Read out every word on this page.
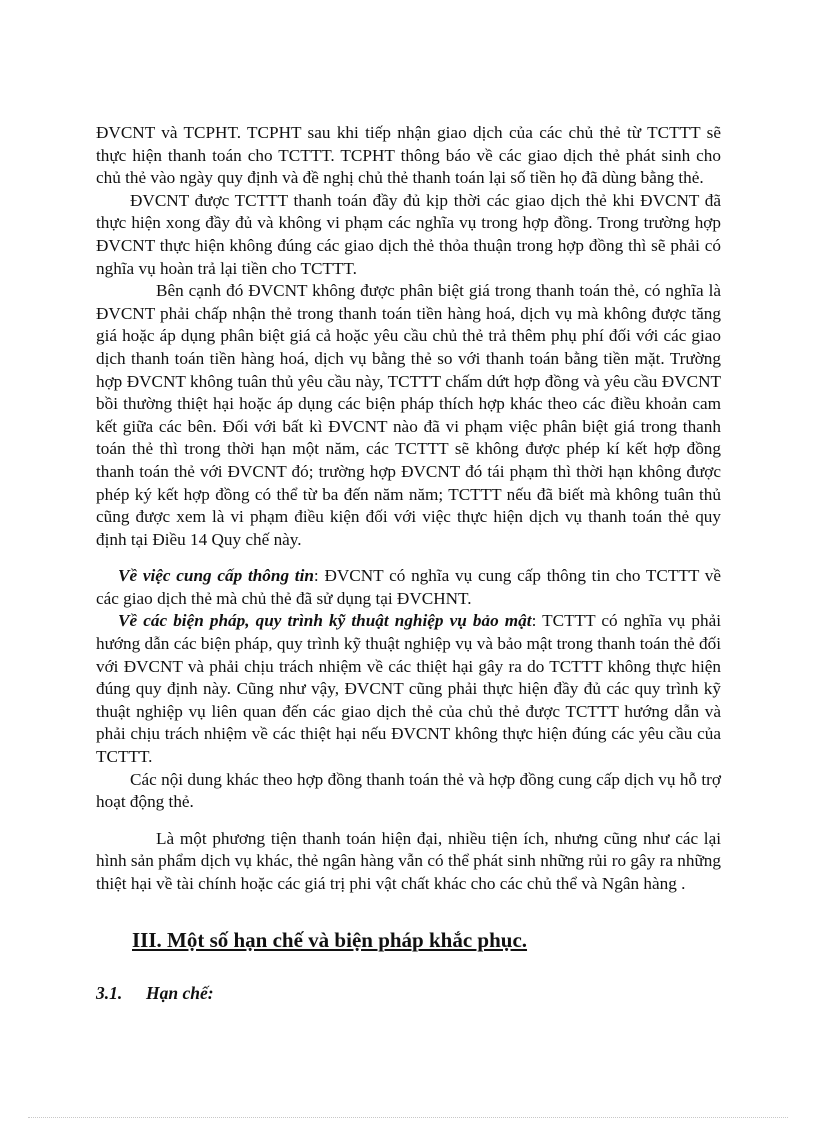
ĐVCNT và TCPHT. TCPHT sau khi tiếp nhận giao dịch của các chủ thẻ từ TCTTT sẽ thực hiện thanh toán cho TCTTT. TCPHT thông báo về các giao dịch thẻ phát sinh cho chủ thẻ vào ngày quy định và đề nghị chủ thẻ thanh toán lại số tiền họ đã dùng bằng thẻ.

ĐVCNT được TCTTT thanh toán đầy đủ kịp thời các giao dịch thẻ khi ĐVCNT đã thực hiện xong đầy đủ và không vi phạm các nghĩa vụ trong hợp đồng. Trong trường hợp ĐVCNT thực hiện không đúng các giao dịch thẻ thỏa thuận trong hợp đồng thì sẽ phải có nghĩa vụ hoàn trả lại tiền cho TCTTT.

Bên cạnh đó ĐVCNT không được phân biệt giá trong thanh toán thẻ, có nghĩa là ĐVCNT phải chấp nhận thẻ trong thanh toán tiền hàng hoá, dịch vụ mà không được tăng giá hoặc áp dụng phân biệt giá cả hoặc yêu cầu chủ thẻ trả thêm phụ phí đối với các giao dịch thanh toán tiền hàng hoá, dịch vụ bằng thẻ so với thanh toán bằng tiền mặt. Trường hợp ĐVCNT không tuân thủ yêu cầu này, TCTTT chấm dứt hợp đồng và yêu cầu ĐVCNT bồi thường thiệt hại hoặc áp dụng các biện pháp thích hợp khác theo các điều khoản cam kết giữa các bên. Đối với bất kì ĐVCNT nào đã vi phạm việc phân biệt giá trong thanh toán thẻ thì trong thời hạn một năm, các TCTTT sẽ không được phép kí kết hợp đồng thanh toán thẻ với ĐVCNT đó; trường hợp ĐVCNT đó tái phạm thì thời hạn không được phép ký kết hợp đồng có thể từ ba đến năm năm; TCTTT nếu đã biết mà không tuân thủ cũng được xem là vi phạm điều kiện đối với việc thực hiện dịch vụ thanh toán thẻ quy định tại Điều 14 Quy chế này.

Về việc cung cấp thông tin: ĐVCNT có nghĩa vụ cung cấp thông tin cho TCTTT về các giao dịch thẻ mà chủ thẻ đã sử dụng tại ĐVCHNT.

Về các biện pháp, quy trình kỹ thuật nghiệp vụ bảo mật: TCTTT có nghĩa vụ phải hướng dẫn các biện pháp, quy trình kỹ thuật nghiệp vụ và bảo mật trong thanh toán thẻ đối với ĐVCNT và phải chịu trách nhiệm về các thiệt hại gây ra do TCTTT không thực hiện đúng quy định này. Cũng như vậy, ĐVCNT cũng phải thực hiện đầy đủ các quy trình kỹ thuật nghiệp vụ liên quan đến các giao dịch thẻ của chủ thẻ được TCTTT hướng dẫn và phải chịu trách nhiệm về các thiệt hại nếu ĐVCNT không thực hiện đúng các yêu cầu của TCTTT.

Các nội dung khác theo hợp đồng thanh toán thẻ và hợp đồng cung cấp dịch vụ hỗ trợ hoạt động thẻ.

Là một phương tiện thanh toán hiện đại, nhiều tiện ích, nhưng cũng như các lại hình sản phẩm dịch vụ khác, thẻ ngân hàng vẫn có thể phát sinh những rủi ro gây ra những thiệt hại về tài chính hoặc các giá trị phi vật chất khác cho các chủ thể và Ngân hàng .

III. Một số hạn chế và biện pháp khắc phục.
3.1. Hạn chế:
